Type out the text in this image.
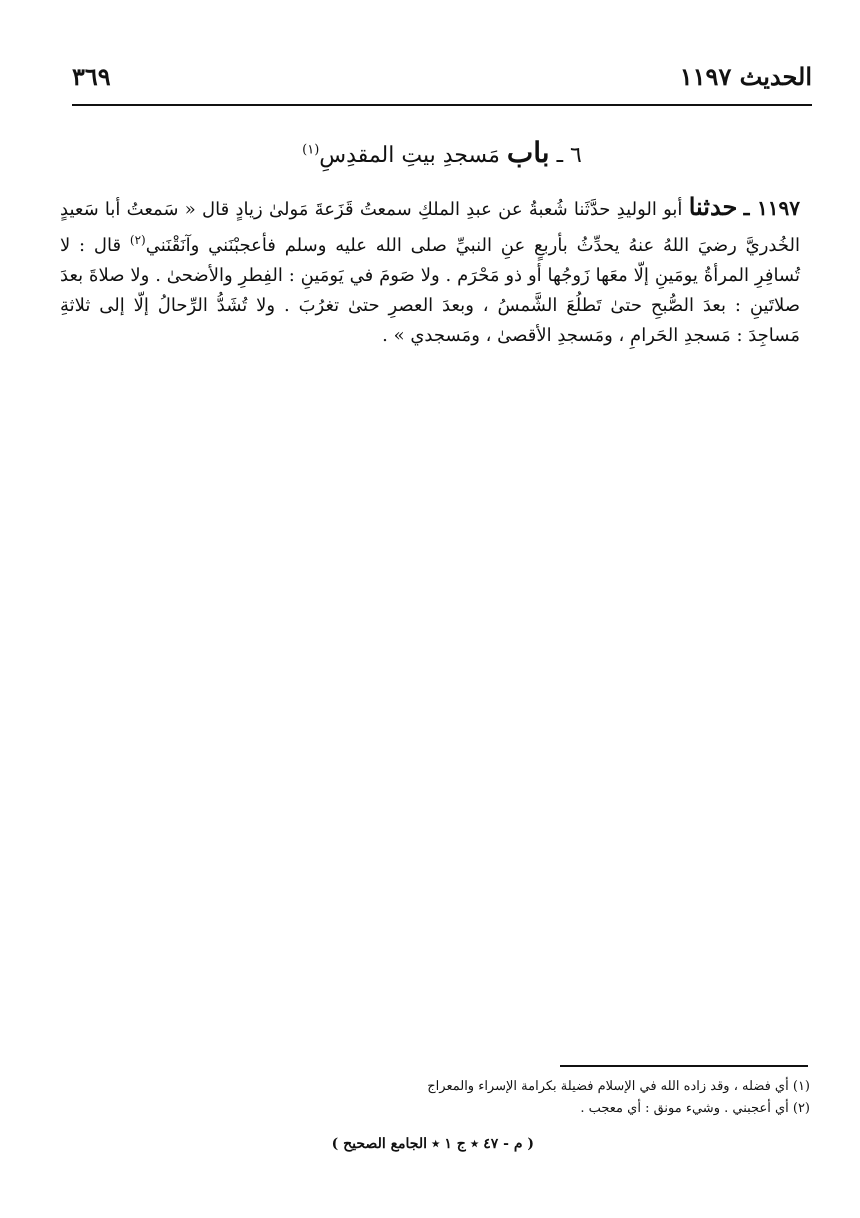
الحديث ١١٩٧
٣٦٩
٦ ـ باب مَسجدِ بيتِ المقدِسِ$^{(١)}$

١١٩٧ ـ حدثنا أبو الوليدِ حدَّثَنا شُعبةُ عن عبدِ الملكِ سمعتُ قَزَعةَ مَولىٰ زيادٍ قال « سَمعتُ أبا سَعيدٍ الخُدريَّ رضيَ اللهُ عنهُ يحدِّثُ بأربعٍ عنِ النبيِّ صلى الله عليه وسلم فأعجبْنَني وآنَقْنَني$^{(٢)}$ قال : لا تُسافِرِ المرأةُ يومَينِ إلّا معَها زَوجُها أو ذو مَحْرَم . ولا صَومَ في يَومَينِ : الفِطرِ والأضحىٰ . ولا صلاةَ بعدَ صلاتَينِ : بعدَ الصُّبحِ حتىٰ تَطلُعَ الشَّمسُ ، وبعدَ العصرِ حتىٰ تغرُبَ . ولا تُشَدُّ الرِّحالُ إلّا إلى ثلاثةِ مَساجِدَ : مَسجدِ الحَرامِ ، ومَسجدِ الأقصىٰ ، ومَسجدي » .

(١) أي فضله ، وقد زاده الله في الإسلام فضيلة بكرامة الإسراء والمعراج
(٢) أي أعجبني . وشيء مونق : أي معجب .
( م - ٤٧ ٭ ج ١ ٭ الجامع الصحيح )
